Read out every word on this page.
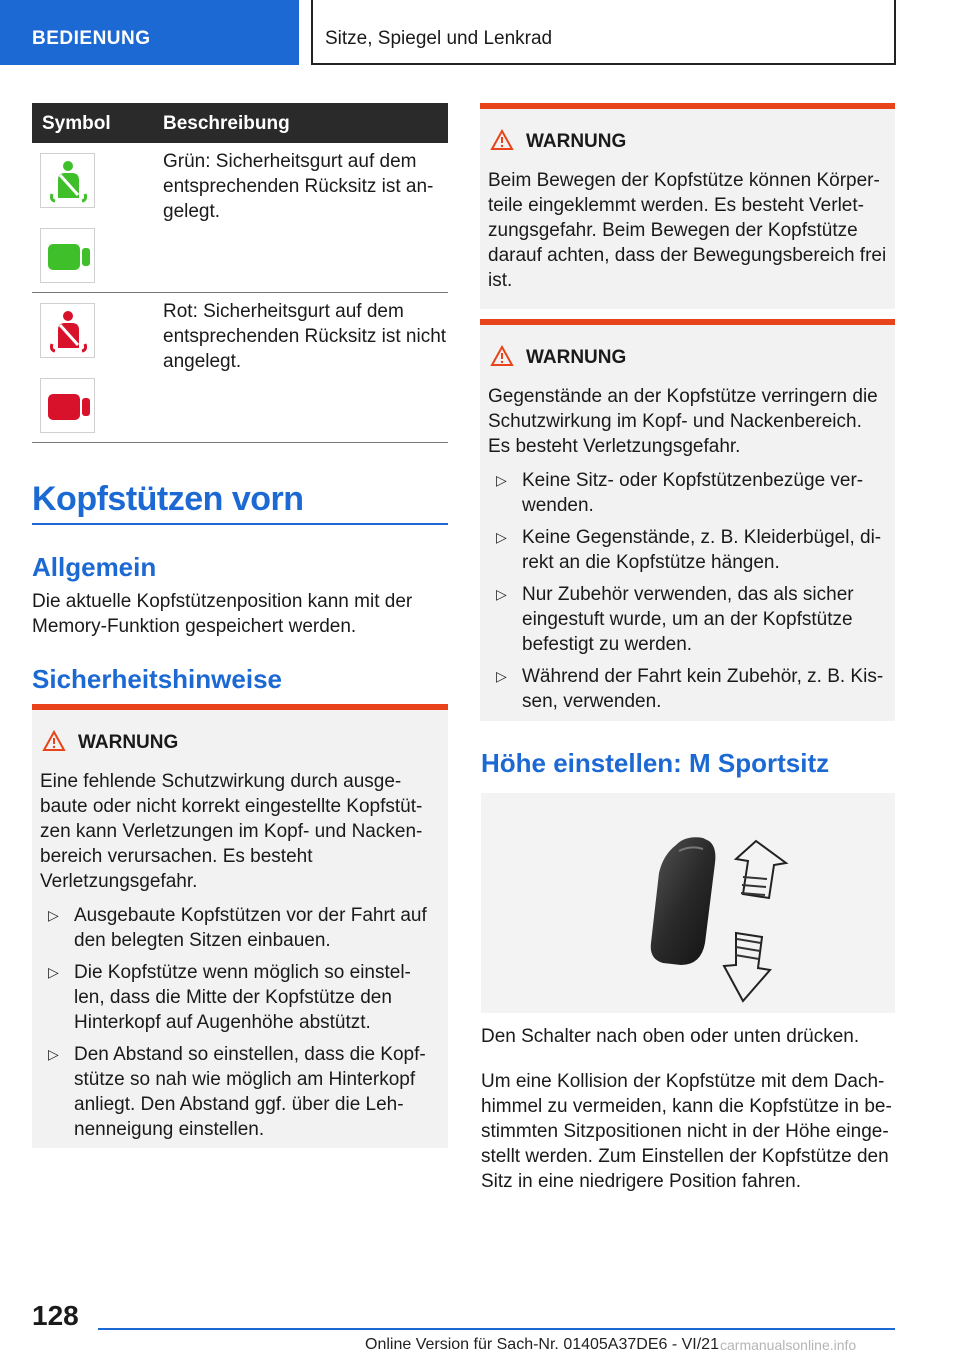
BEDIENUNG	Sitze, Spiegel und Lenkrad
Symbol	Beschreibung
Grün: Sicherheitsgurt auf dem entsprechenden Rücksitz ist an- gelegt.
Rot: Sicherheitsgurt auf dem entsprechenden Rücksitz ist nicht angelegt.
Kopfstützen vorn
Allgemein

Die aktuelle Kopfstützenposition kann mit der Memory-Funktion gespeichert werden.

Sicherheitshinweise
WARNUNG
Eine fehlende Schutzwirkung durch ausge- baute oder nicht korrekt eingestellte Kopfstüt- zen kann Verletzungen im Kopf- und Nacken- bereich verursachen. Es besteht Verletzungsgefahr.
▷ Ausgebaute Kopfstützen vor der Fahrt auf den belegten Sitzen einbauen.
▷ Die Kopfstütze wenn möglich so einstel- len, dass die Mitte der Kopfstütze den Hinterkopf auf Augenhöhe abstützt.
▷ Den Abstand so einstellen, dass die Kopf- stütze so nah wie möglich am Hinterkopf anliegt. Den Abstand ggf. über die Leh- nenneigung einstellen.
WARNUNG
Beim Bewegen der Kopfstütze können Körper- teile eingeklemmt werden. Es besteht Verlet- zungsgefahr. Beim Bewegen der Kopfstütze darauf achten, dass der Bewegungsbereich frei ist.
WARNUNG
Gegenstände an der Kopfstütze verringern die Schutzwirkung im Kopf- und Nackenbereich. Es besteht Verletzungsgefahr.
▷ Keine Sitz- oder Kopfstützenbezüge ver- wenden.
▷ Keine Gegenstände, z. B. Kleiderbügel, di- rekt an die Kopfstütze hängen.
▷ Nur Zubehör verwenden, das als sicher eingestuft wurde, um an der Kopfstütze befestigt zu werden.
▷ Während der Fahrt kein Zubehör, z. B. Kis- sen, verwenden.
Höhe einstellen: M Sportsitz

Den Schalter nach oben oder unten drücken.

Um eine Kollision der Kopfstütze mit dem Dach- himmel zu vermeiden, kann die Kopfstütze in be- stimmten Sitzpositionen nicht in der Höhe einge- stellt werden. Zum Einstellen der Kopfstütze den Sitz in eine niedrigere Position fahren.

128
Online Version für Sach-Nr. 01405A37DE6 - VI/21 carmanualsonline.info
